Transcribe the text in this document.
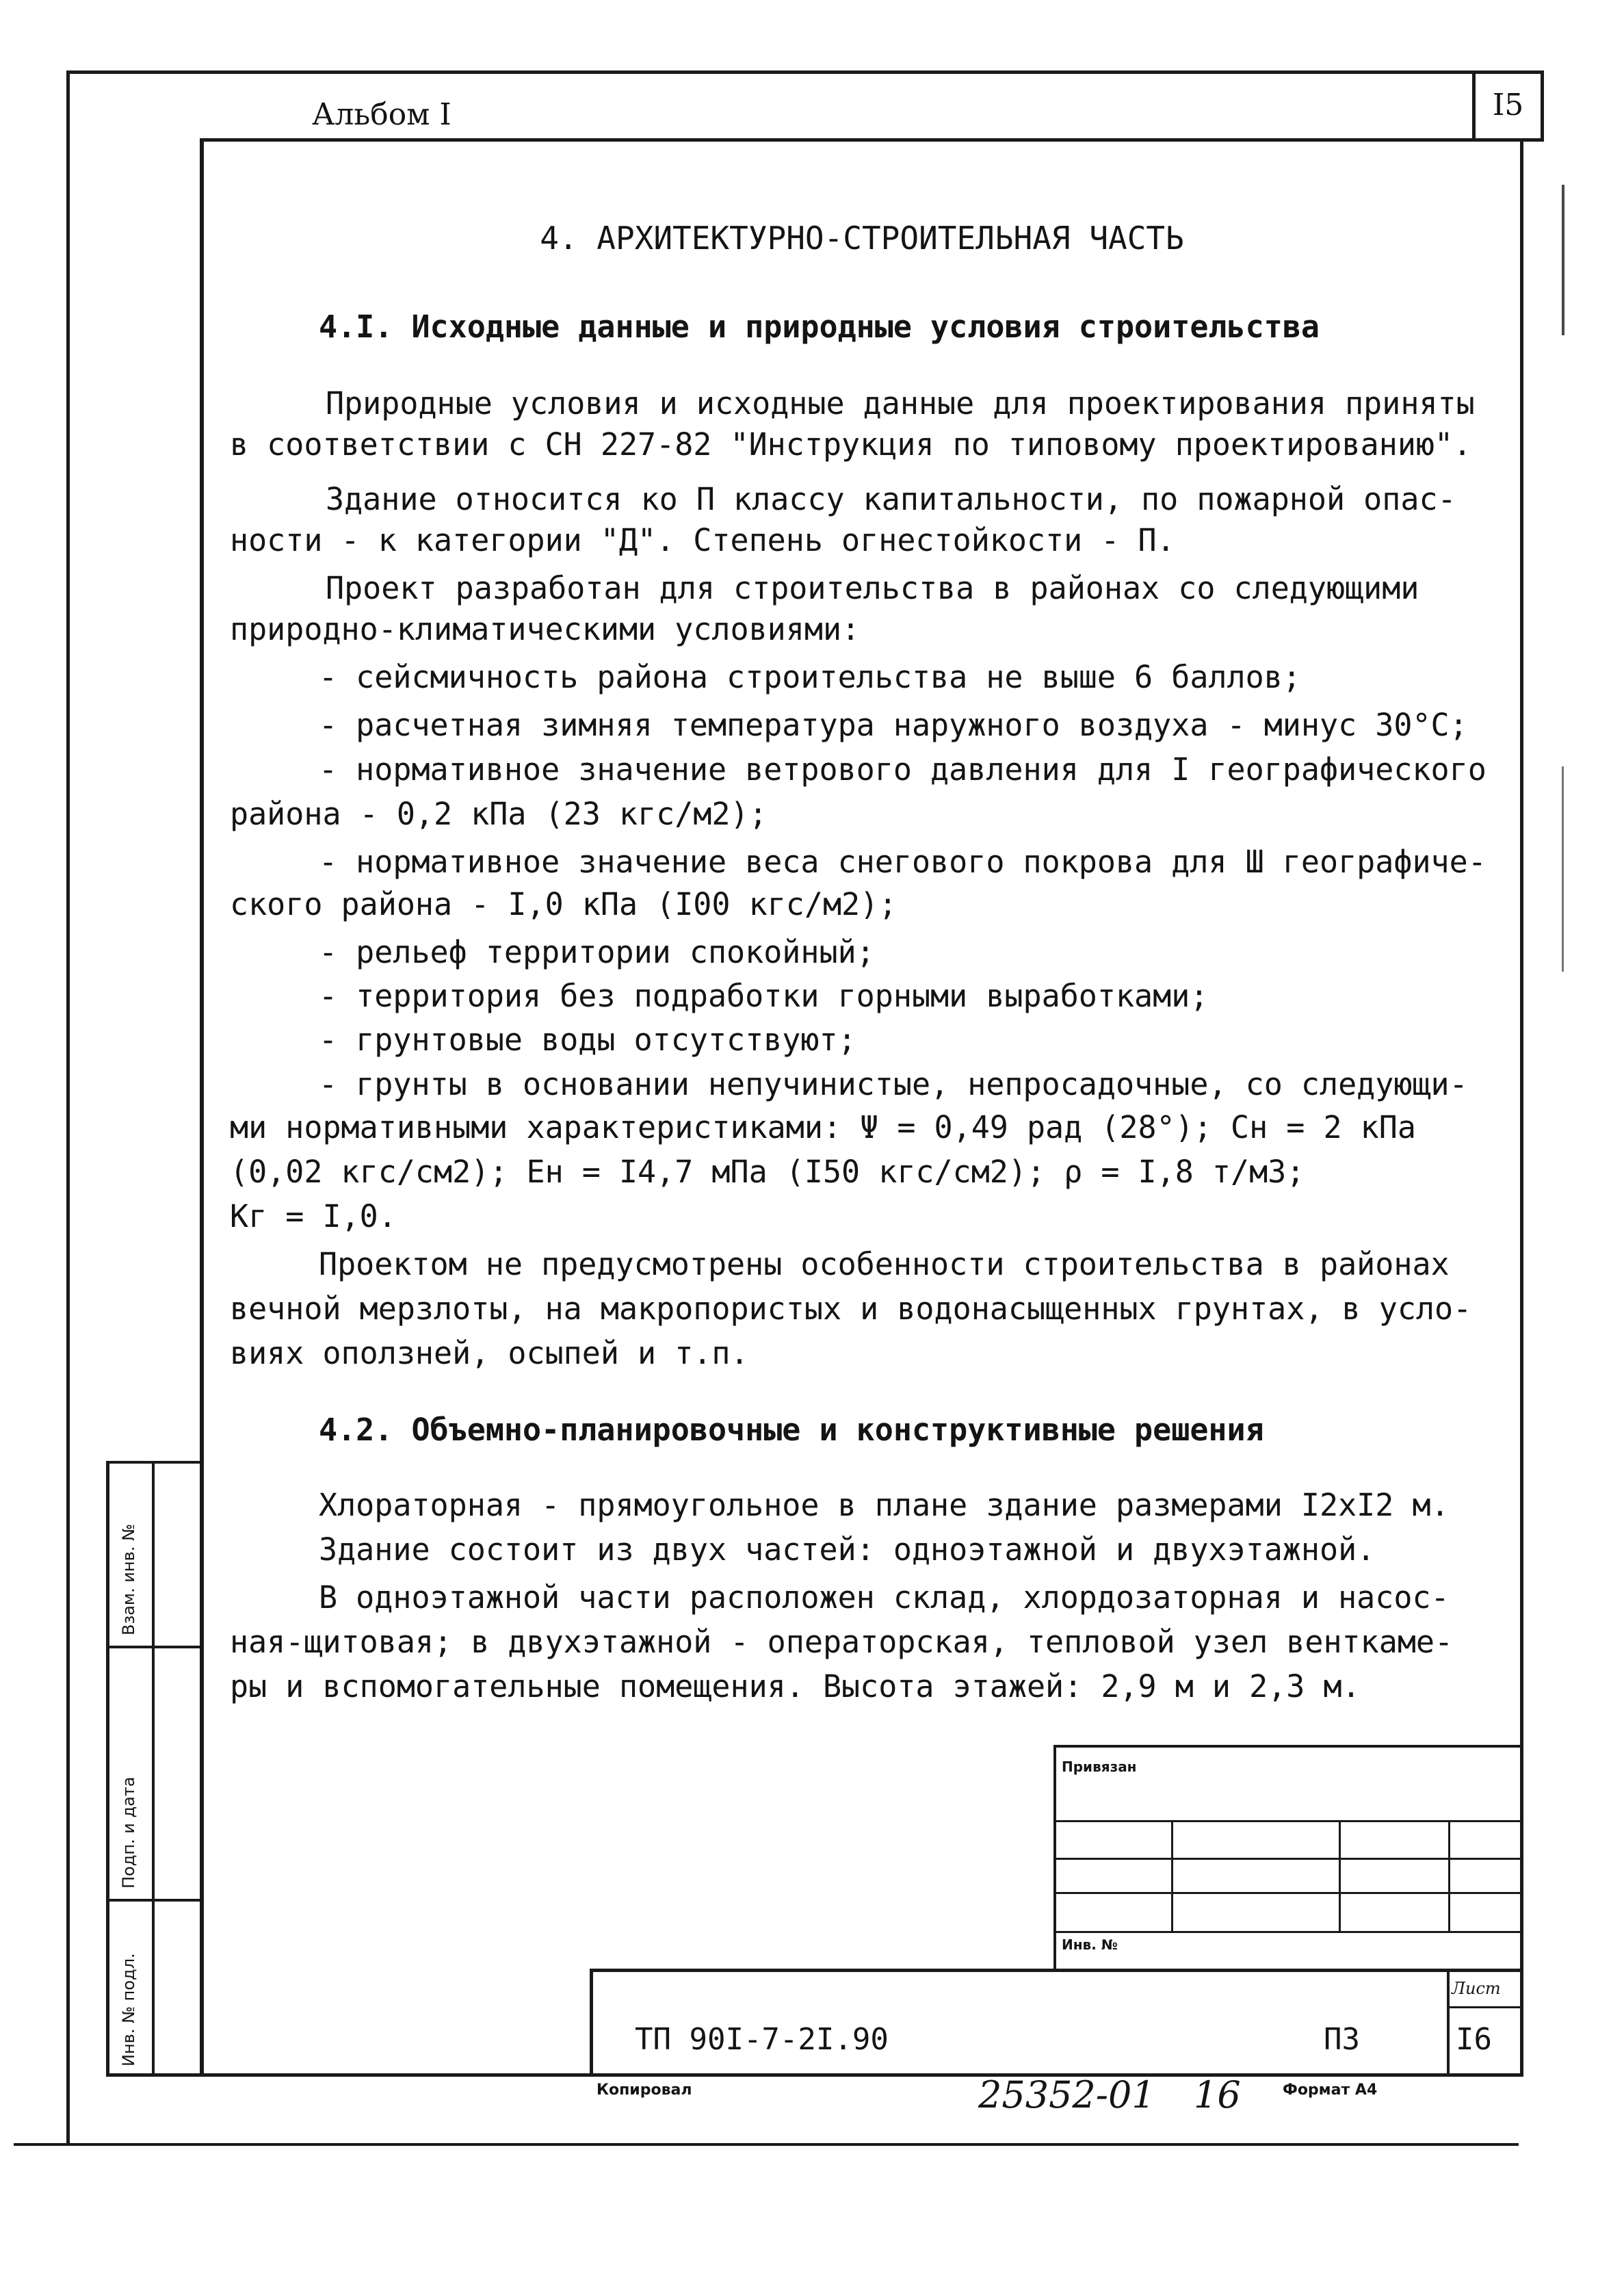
I5
Альбом I
4. АРХИТЕКТУРНО-СТРОИТЕЛЬНАЯ ЧАСТЬ
4.I. Исходные данные и природные условия строительства
Природные условия и исходные данные для проектирования приняты
в соответствии с СН 227-82 "Инструкция по типовому проектированию".
Здание относится ко П классу капитальности, по пожарной опас-
ности - к категории "Д". Степень огнестойкости - П.
Проект разработан для строительства в районах со следующими
природно-климатическими условиями:
- сейсмичность района строительства не выше 6 баллов;
- расчетная зимняя температура наружного воздуха - минус 30°С;
- нормативное значение ветрового давления для I географического
района - 0,2 кПа (23 кгс/м2);
- нормативное значение веса снегового покрова для Ш географиче-
ского района - I,0 кПа (I00 кгс/м2);
- рельеф территории спокойный;
- территория без подработки горными выработками;
- грунтовые воды отсутствуют;
- грунты в основании непучинистые, непросадочные, со следующи-
ми нормативными характеристиками: Ψ = 0,49 рад (28°); Сн = 2 кПа
(0,02 кгс/см2); Ен = I4,7 мПа (I50 кгс/см2); ρ = I,8 т/м3;
Кг = I,0.
Проектом не предусмотрены особенности строительства в районах
вечной мерзлоты, на макропористых и водонасыщенных грунтах, в усло-
виях оползней, осыпей и т.п.
4.2. Объемно-планировочные и конструктивные решения
Хлораторная - прямоугольное в плане здание размерами I2хI2 м.
Здание состоит из двух частей: одноэтажной и двухэтажной.
В одноэтажной части расположен склад, хлордозаторная и насос-
ная-щитовая; в двухэтажной - операторская, тепловой узел венткаме-
ры и вспомогательные помещения. Высота этажей: 2,9 м и 2,3 м.
Взам. инв. №
Подп. и дата
Инв. № подл.
Привязан
Инв. №
Лист
ТП 90I-7-2I.90	ПЗ	I6
Копировал	25352-01 16	Формат А4
